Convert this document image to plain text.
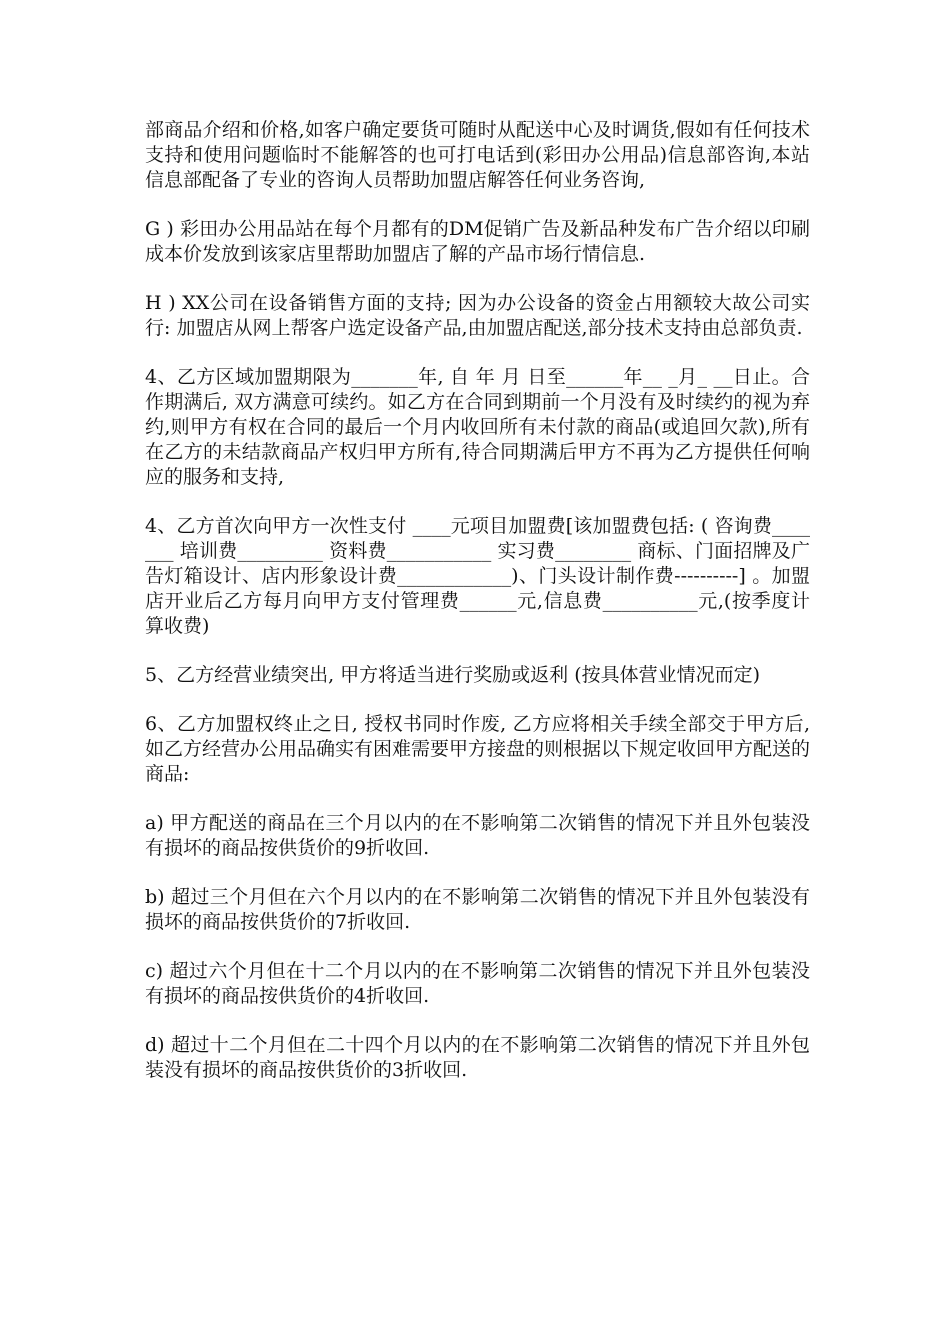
部商品介绍和价格,如客户确定要货可随时从配送中心及时调货,假如有任何技术支持和使用问题临时不能解答的也可打电话到(彩田办公用品)信息部咨询,本站信息部配备了专业的咨询人员帮助加盟店解答任何业务咨询,

G ) 彩田办公用品站在每个月都有的DM促销广告及新品种发布广告介绍以印刷成本价发放到该家店里帮助加盟店了解的产品市场行情信息.

H ) XX公司在设备销售方面的支持; 因为办公设备的资金占用额较大故公司实行: 加盟店从网上帮客户选定设备产品,由加盟店配送,部分技术支持由总部负责.

4、乙方区域加盟期限为_______年, 自 年 月 日至______年__ _月_ __日止。合作期满后, 双方满意可续约。如乙方在合同到期前一个月没有及时续约的视为弃约,则甲方有权在合同的最后一个月内收回所有未付款的商品(或追回欠款),所有在乙方的未结款商品产权归甲方所有,待合同期满后甲方不再为乙方提供任何响应的服务和支持,

4、乙方首次向甲方一次性支付 ____元项目加盟费[该加盟费包括: ( 咨询费_______ 培训费_________ 资料费___________ 实习费________ 商标、门面招牌及广告灯箱设计、店内形象设计费____________)、门头设计制作费----------] 。加盟店开业后乙方每月向甲方支付管理费______元,信息费__________元,(按季度计算收费)

5、乙方经营业绩突出, 甲方将适当进行奖励或返利 (按具体营业情况而定)

6、乙方加盟权终止之日, 授权书同时作废, 乙方应将相关手续全部交于甲方后, 如乙方经营办公用品确实有困难需要甲方接盘的则根据以下规定收回甲方配送的商品:

a) 甲方配送的商品在三个月以内的在不影响第二次销售的情况下并且外包装没有损坏的商品按供货价的9折收回.

b) 超过三个月但在六个月以内的在不影响第二次销售的情况下并且外包装没有损坏的商品按供货价的7折收回.

c) 超过六个月但在十二个月以内的在不影响第二次销售的情况下并且外包装没有损坏的商品按供货价的4折收回.

d) 超过十二个月但在二十四个月以内的在不影响第二次销售的情况下并且外包装没有损坏的商品按供货价的3折收回.
